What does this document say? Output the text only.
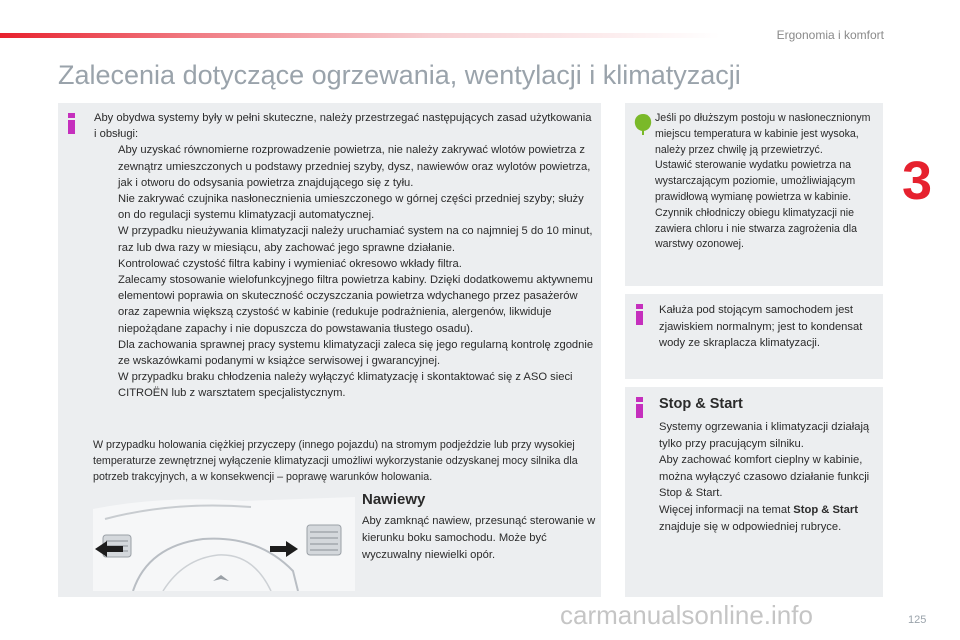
Ergonomia i komfort
3
Zalecenia dotyczące ogrzewania, wentylacji i klimatyzacji

Aby obydwa systemy były w pełni skuteczne, należy przestrzegać następujących zasad użytkowania i obsługi:

Aby uzyskać równomierne rozprowadzenie powietrza, nie należy zakrywać wlotów powietrza z zewnątrz umieszczonych u podstawy przedniej szyby, dysz, nawiewów oraz wylotów powietrza, jak i otworu do odsysania powietrza znajdującego się z tyłu.
Nie zakrywać czujnika nasłonecznienia umieszczonego w górnej części przedniej szyby; służy on do regulacji systemu klimatyzacji automatycznej.
W przypadku nieużywania klimatyzacji należy uruchamiać system na co najmniej 5 do 10 minut, raz lub dwa razy w miesiącu, aby zachować jego sprawne działanie.
Kontrolować czystość filtra kabiny i wymieniać okresowo wkłady filtra.
Zalecamy stosowanie wielofunkcyjnego filtra powietrza kabiny. Dzięki dodatkowemu aktywnemu elementowi poprawia on skuteczność oczyszczania powietrza wdychanego przez pasażerów oraz zapewnia większą czystość w kabinie (redukuje podrażnienia, alergenów, likwiduje niepożądane zapachy i nie dopuszcza do powstawania tłustego osadu).
Dla zachowania sprawnej pracy systemu klimatyzacji zaleca się jego regularną kontrolę zgodnie ze wskazówkami podanymi w książce serwisowej i gwarancyjnej.
W przypadku braku chłodzenia należy wyłączyć klimatyzację i skontaktować się z ASO sieci CITROËN lub z warsztatem specjalistycznym.
W przypadku holowania ciężkiej przyczepy (innego pojazdu) na stromym podjeździe lub przy wysokiej temperaturze zewnętrznej wyłączenie klimatyzacji umożliwi wykorzystanie odzyskanej mocy silnika dla potrzeb trakcyjnych, a w konsekwencji – poprawę warunków holowania.
Nawiewy
Aby zamknąć nawiew, przesunąć sterowanie w kierunku boku samochodu. Może być wyczuwalny niewielki opór.

Jeśli po dłuższym postoju w nasłonecznionym miejscu temperatura w kabinie jest wysoka, należy przez chwilę ją przewietrzyć.

Ustawić sterowanie wydatku powietrza na wystarczającym poziomie, umożliwiającym prawidłową wymianę powietrza w kabinie.

Czynnik chłodniczy obiegu klimatyzacji nie zawiera chloru i nie stwarza zagrożenia dla warstwy ozonowej.

Kałuża pod stojącym samochodem jest zjawiskiem normalnym; jest to kondensat wody ze skraplacza klimatyzacji.
Stop & Start

Systemy ogrzewania i klimatyzacji działają tylko przy pracującym silniku.

Aby zachować komfort cieplny w kabinie, można wyłączyć czasowo działanie funkcji Stop & Start.

Więcej informacji na temat Stop & Start znajduje się w odpowiedniej rubryce.

125
carmanualsonline.info
